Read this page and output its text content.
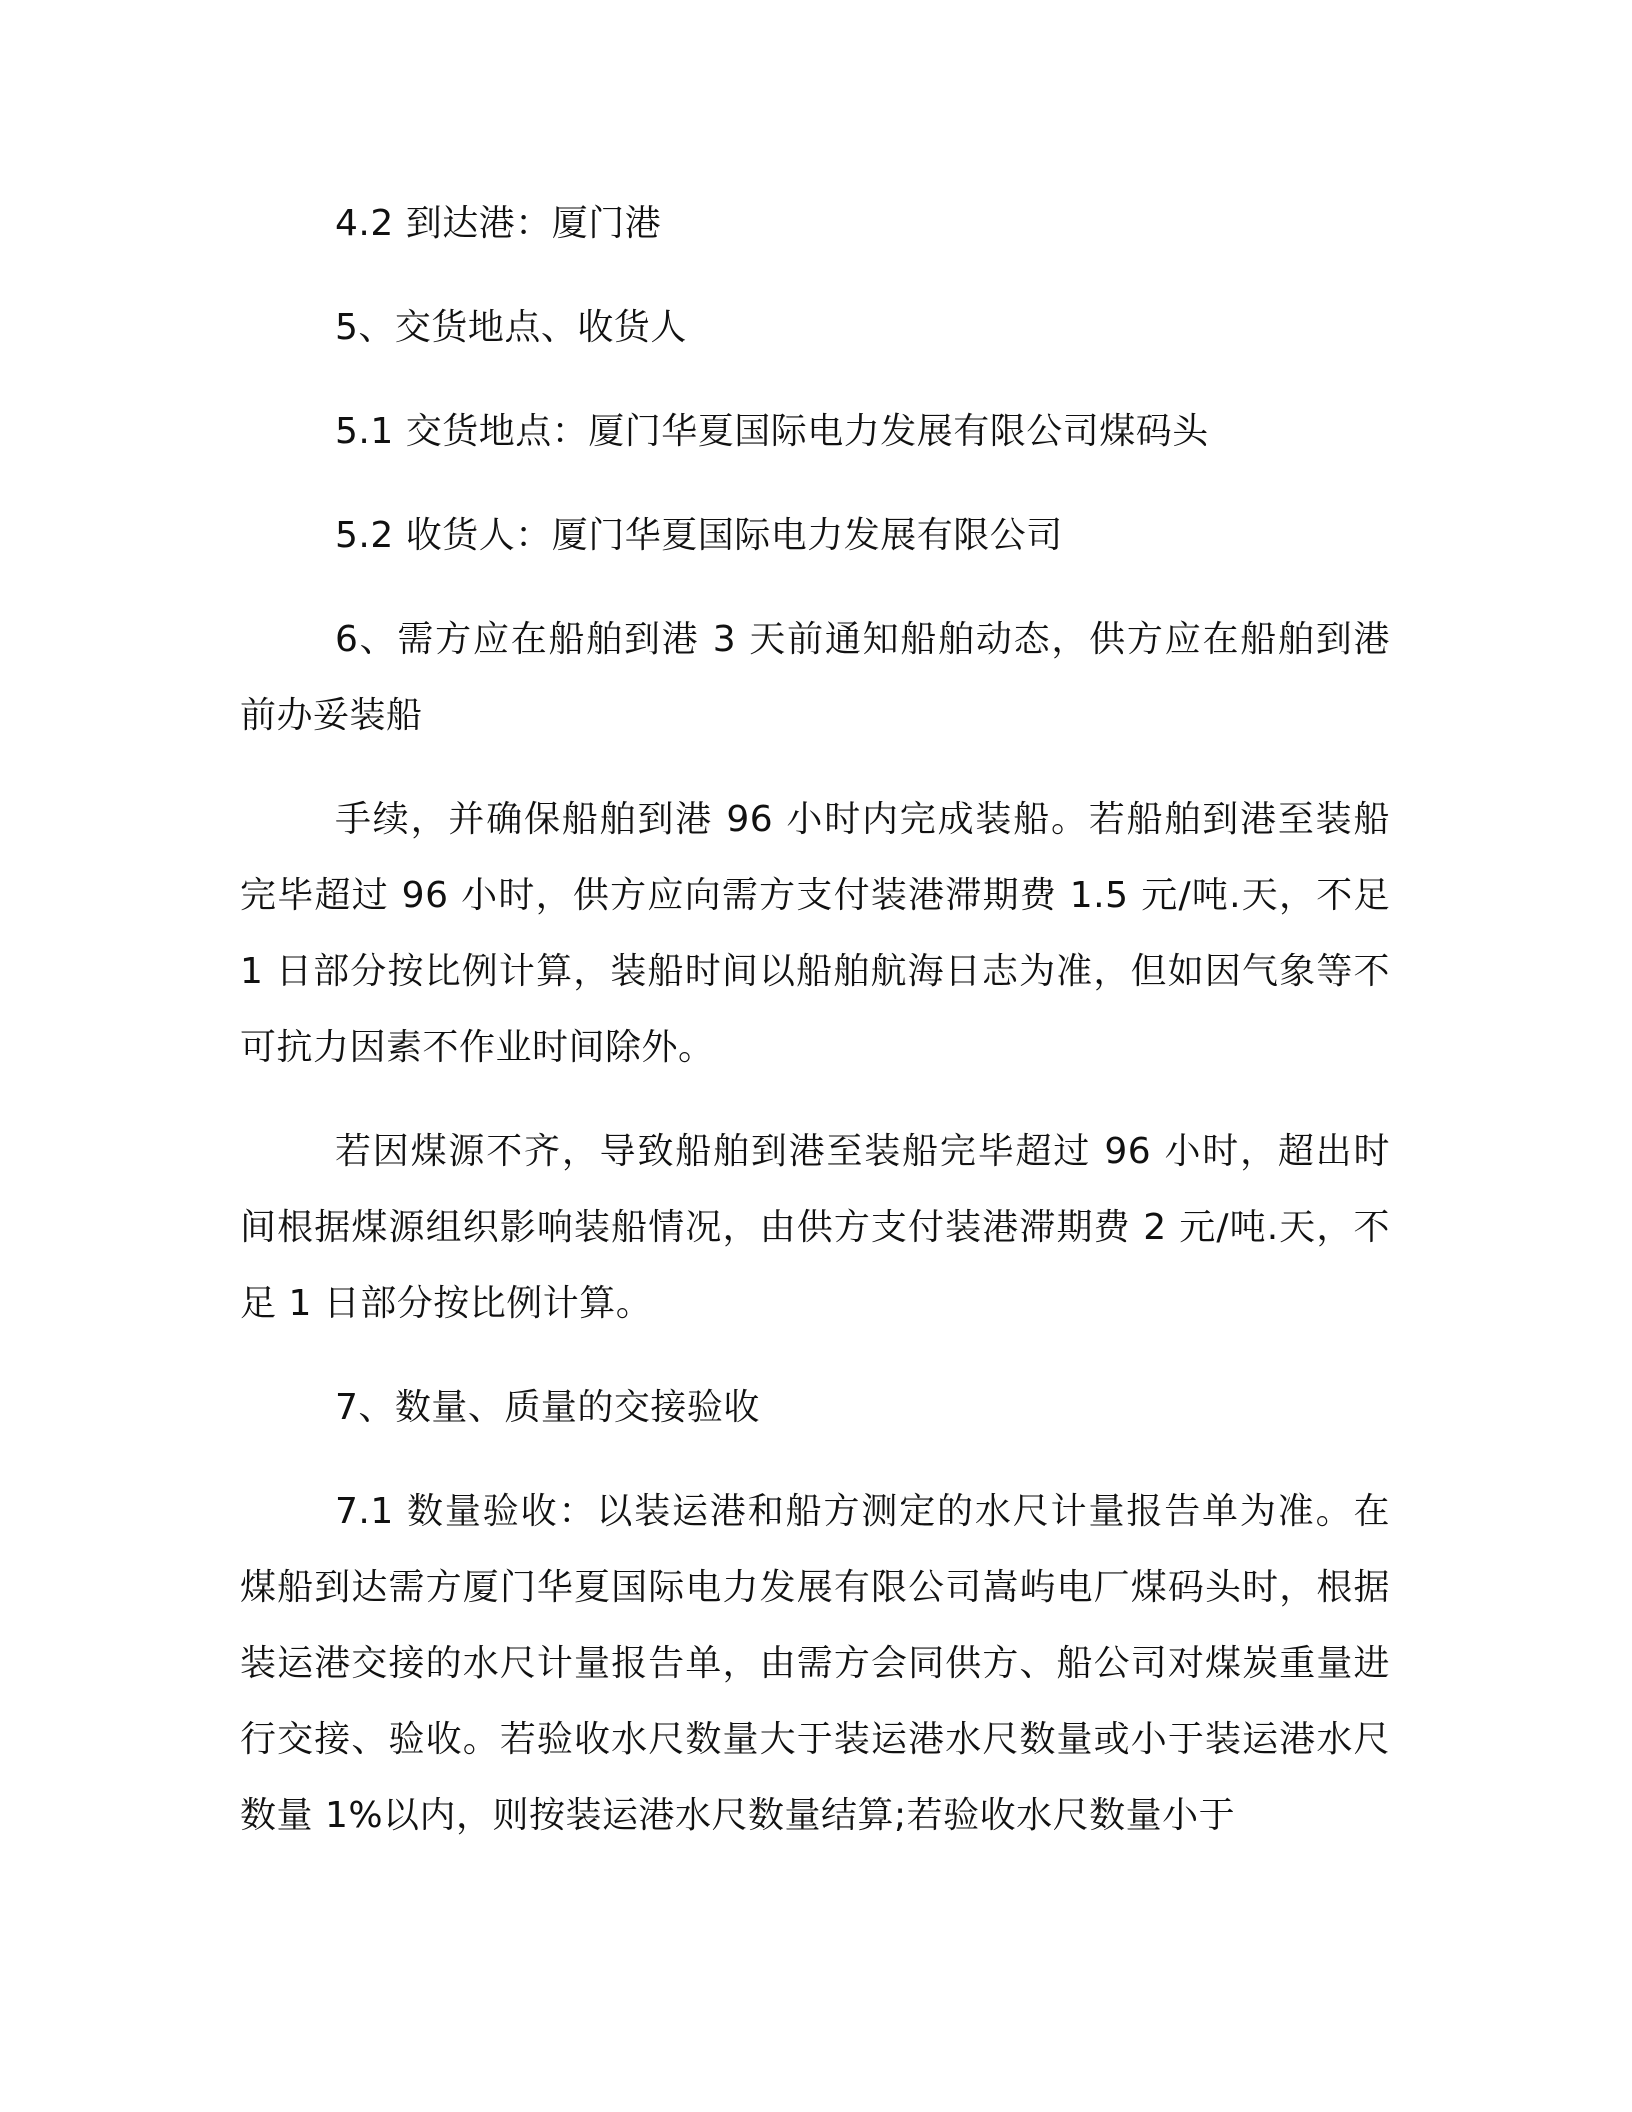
4.2 到达港：厦门港

5、交货地点、收货人

5.1 交货地点：厦门华夏国际电力发展有限公司煤码头

5.2 收货人：厦门华夏国际电力发展有限公司

6、需方应在船舶到港 3 天前通知船舶动态，供方应在船舶到港前办妥装船

手续，并确保船舶到港 96 小时内完成装船。若船舶到港至装船完毕超过 96 小时，供方应向需方支付装港滞期费 1.5 元/吨.天，不足 1 日部分按比例计算，装船时间以船舶航海日志为准，但如因气象等不可抗力因素不作业时间除外。

若因煤源不齐，导致船舶到港至装船完毕超过 96 小时，超出时间根据煤源组织影响装船情况，由供方支付装港滞期费 2 元/吨.天，不足 1 日部分按比例计算。

7、数量、质量的交接验收

7.1 数量验收：以装运港和船方测定的水尺计量报告单为准。在煤船到达需方厦门华夏国际电力发展有限公司嵩屿电厂煤码头时，根据装运港交接的水尺计量报告单，由需方会同供方、船公司对煤炭重量进行交接、验收。若验收水尺数量大于装运港水尺数量或小于装运港水尺数量 1%以内，则按装运港水尺数量结算;若验收水尺数量小于
